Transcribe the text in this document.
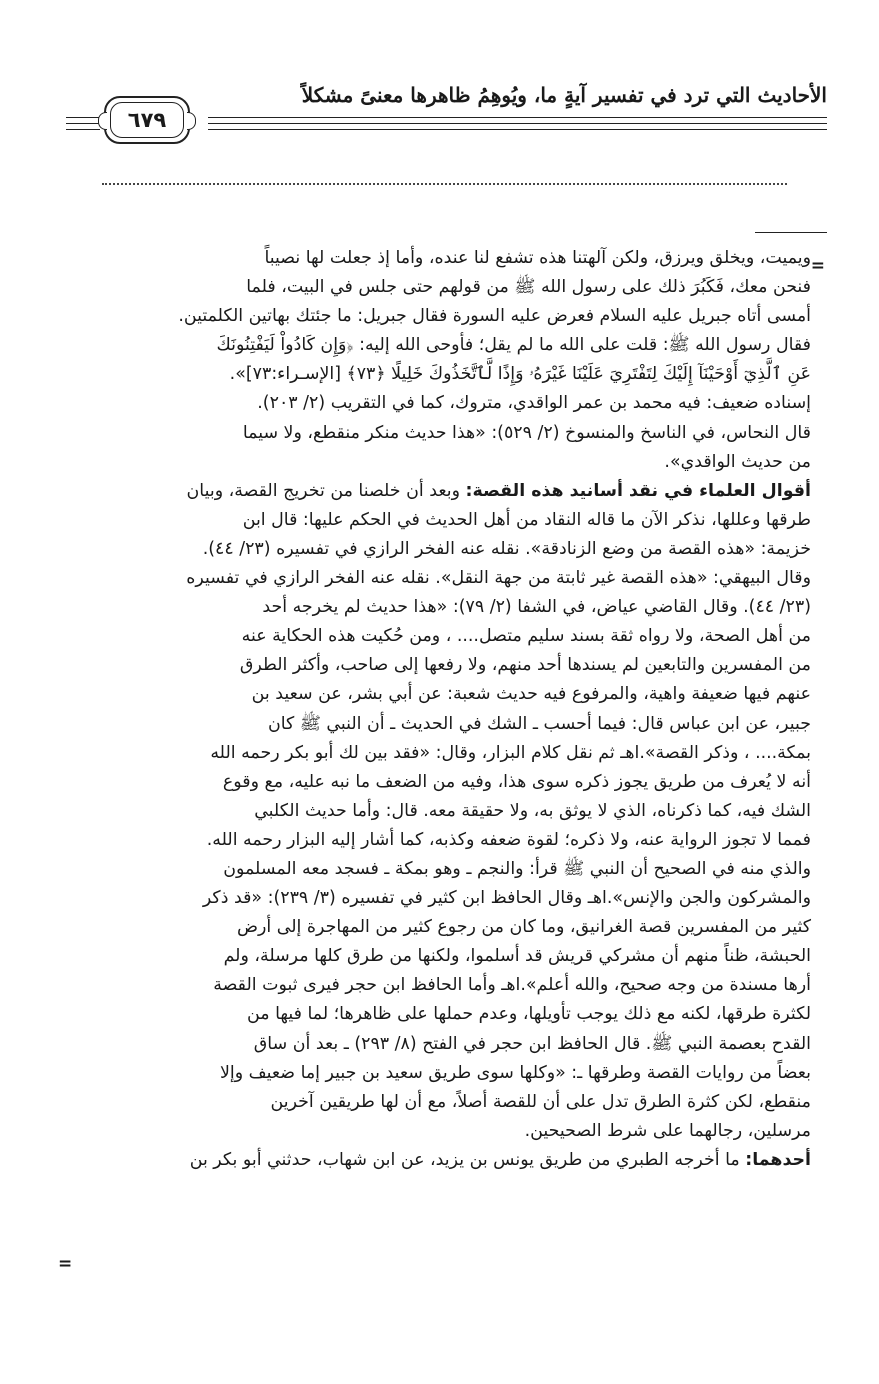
الأحاديث التي ترد في تفسير آيةٍ ما، ويُوهِمُ ظاهرها معنىً مشكلاً
٦٧٩
=
=
ويميت، ويخلق ويرزق، ولكن آلهتنا هذه تشفع لنا عنده، وأما إذ جعلت لها نصيباً
فنحن معك، فَكَبُرَ ذلك على رسول الله ﷺ من قولهم حتى جلس في البيت، فلما
أمسى أتاه جبريل عليه السلام فعرض عليه السورة فقال جبريل: ما جئتك بهاتين الكلمتين.
فقال رسول الله ﷺ: قلت على الله ما لم يقل؛ فأوحى الله إليه: ﴿وَإِن كَادُواْ لَيَفْتِنُونَكَ
عَنِ ٱلَّذِيٓ أَوْحَيْنَآ إِلَيْكَ لِتَفْتَرِيَ عَلَيْنَا غَيْرَهُۥ وَإِذًا لَّٱتَّخَذُوكَ خَلِيلًا ﴿٧٣﴾ [الإسـراء:٧٣]».
إسناده ضعيف: فيه محمد بن عمر الواقدي، متروك، كما في التقريب (٢/ ٢٠٣).
قال النحاس، في الناسخ والمنسوخ (٢/ ٥٢٩): «هذا حديث منكر منقطع، ولا سيما
من حديث الواقدي».
أقوال العلماء في نقد أسانيد هذه القصة: وبعد أن خلصنا من تخريج القصة، وبيان
طرقها وعللها، نذكر الآن ما قاله النقاد من أهل الحديث في الحكم عليها: قال ابن
خزيمة: «هذه القصة من وضع الزنادقة». نقله عنه الفخر الرازي في تفسيره (٢٣/ ٤٤).
وقال البيهقي: «هذه القصة غير ثابتة من جهة النقل». نقله عنه الفخر الرازي في تفسيره
(٢٣/ ٤٤). وقال القاضي عياض، في الشفا (٢/ ٧٩): «هذا حديث لم يخرجه أحد
من أهل الصحة، ولا رواه ثقة بسند سليم متصل.... ، ومن حُكيت هذه الحكاية عنه
من المفسرين والتابعين لم يسندها أحد منهم، ولا رفعها إلى صاحب، وأكثر الطرق
عنهم فيها ضعيفة واهية، والمرفوع فيه حديث شعبة: عن أبي بشر، عن سعيد بن
جبير، عن ابن عباس قال: فيما أحسب ـ الشك في الحديث ـ أن النبي ﷺ كان
بمكة.... ، وذكر القصة».اهـ ثم نقل كلام البزار، وقال: «فقد بين لك أبو بكر رحمه الله
أنه لا يُعرف من طريق يجوز ذكره سوى هذا، وفيه من الضعف ما نبه عليه، مع وقوع
الشك فيه، كما ذكرناه، الذي لا يوثق به، ولا حقيقة معه. قال: وأما حديث الكلبي
فمما لا تجوز الرواية عنه، ولا ذكره؛ لقوة ضعفه وكذبه، كما أشار إليه البزار رحمه الله.
والذي منه في الصحيح أن النبي ﷺ قرأ: والنجم ـ وهو بمكة ـ فسجد معه المسلمون
والمشركون والجن والإنس».اهـ وقال الحافظ ابن كثير في تفسيره (٣/ ٢٣٩): «قد ذكر
كثير من المفسرين قصة الغرانيق، وما كان من رجوع كثير من المهاجرة إلى أرض
الحبشة، ظناً منهم أن مشركي قريش قد أسلموا، ولكنها من طرق كلها مرسلة، ولم
أرها مسندة من وجه صحيح، والله أعلم».اهـ وأما الحافظ ابن حجر فيرى ثبوت القصة
لكثرة طرقها، لكنه مع ذلك يوجب تأويلها، وعدم حملها على ظاهرها؛ لما فيها من
القدح بعصمة النبي ﷺ. قال الحافظ ابن حجر في الفتح (٨/ ٢٩٣) ـ بعد أن ساق
بعضاً من روايات القصة وطرقها ـ: «وكلها سوى طريق سعيد بن جبير إما ضعيف وإلا
منقطع، لكن كثرة الطرق تدل على أن للقصة أصلاً، مع أن لها طريقين آخرين
مرسلين، رجالهما على شرط الصحيحين.
أحدهما: ما أخرجه الطبري من طريق يونس بن يزيد، عن ابن شهاب، حدثني أبو بكر بن
